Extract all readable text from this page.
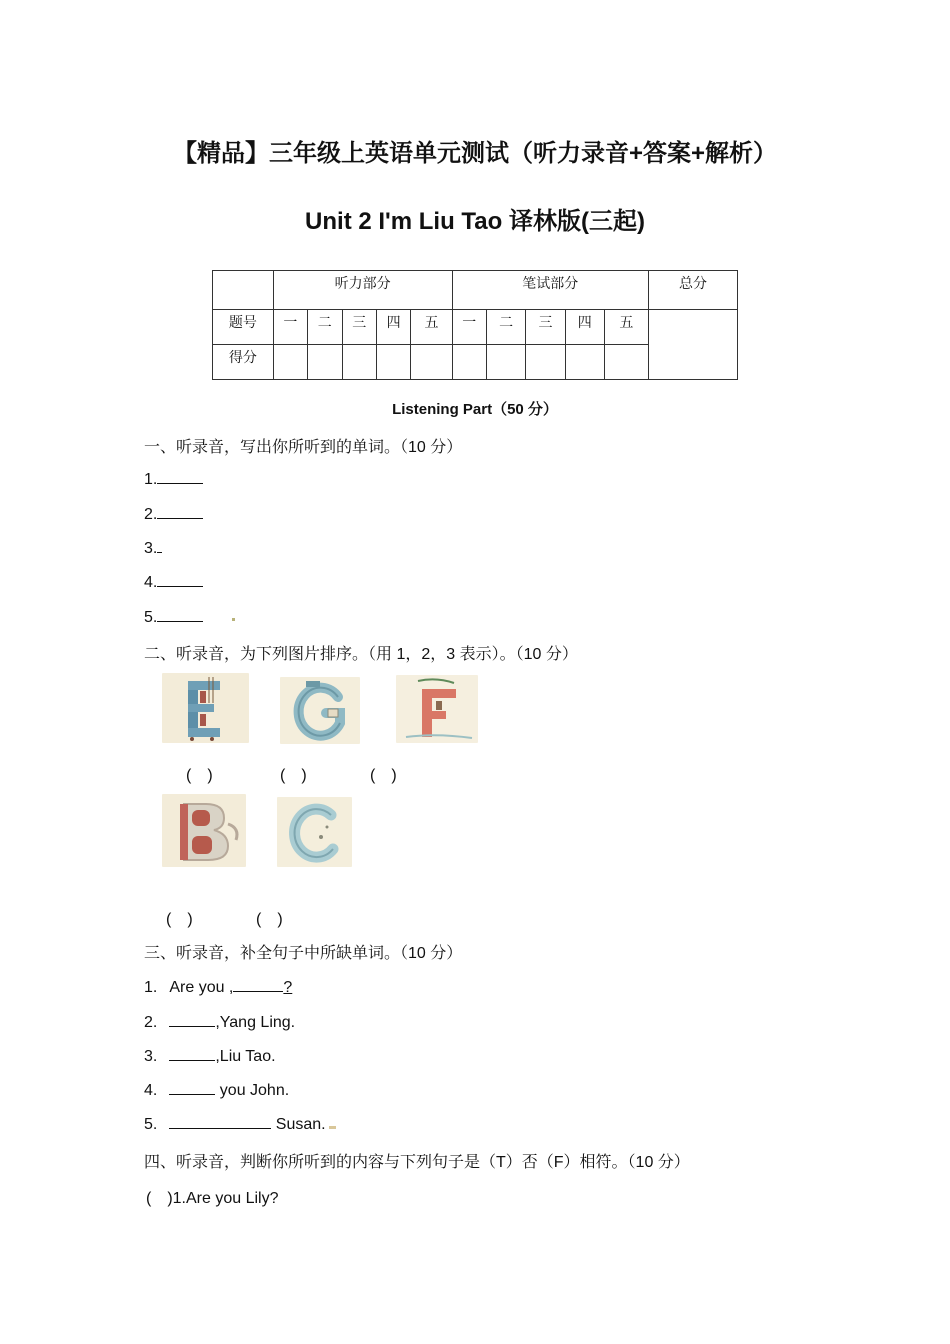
【精品】三年级上英语单元测试（听力录音+答案+解析）
Unit 2 I'm Liu Tao 译林版(三起)
	听力部分					笔试部分					总分
题号	一	二	三	四	五	一	二	三	四	五	
得分											
Listening Part（50 分）
一、听录音，写出你所听到的单词。（10 分）
1.
2.
3.
4.
5.
二、听录音，为下列图片排序。（用 1，2，3 表示）。（10 分）
E
G
F
(　)	(　)	(　)
B
C
(　)	(　)
三、听录音，补全句子中所缺单词。（10 分）
1. Are you ,	?
2.	,Yang Ling.
3.	,Liu Tao.
4.	you John.
5.	Susan.
四、听录音，判断你所听到的内容与下列句子是（T）否（F）相符。（10 分）
(　)1.Are you Lily?
